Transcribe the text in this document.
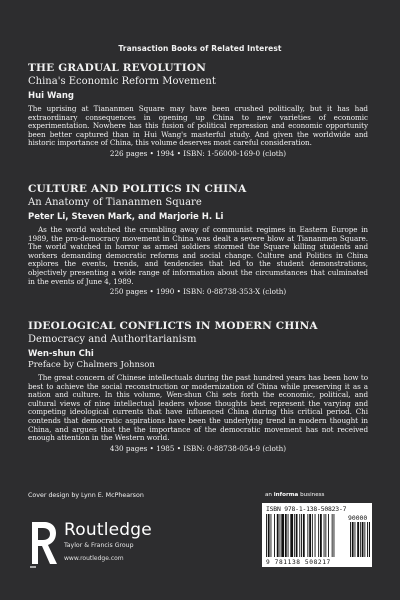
Transaction Books of Related Interest
THE GRADUAL REVOLUTION
China's Economic Reform Movement
Hui Wang
The uprising at Tiananmen Square may have been crushed politically, but it has had extraordinary consequences in opening up China to new varieties of economic experimentation. Nowhere has this fusion of political repression and economic opportunity been better captured than in Hui Wang's masterful study. And given the worldwide and historic importance of China, this volume deserves most careful consideration.
226 pages • 1994 • ISBN: 1-56000-169-0 (cloth)
CULTURE AND POLITICS IN CHINA
An Anatomy of Tiananmen Square
Peter Li, Steven Mark, and Marjorie H. Li
As the world watched the crumbling away of communist regimes in Eastern Europe in 1989, the pro-democracy movement in China was dealt a severe blow at Tiananmen Square. The world watched in horror as armed soldiers stormed the Square killing students and workers demanding democratic reforms and social change. Culture and Politics in China explores the events, trends, and tendencies that led to the student demonstrations, objectively presenting a wide range of information about the circumstances that culminated in the events of June 4, 1989.
250 pages • 1990 • ISBN: 0-88738-353-X (cloth)
IDEOLOGICAL CONFLICTS IN MODERN CHINA
Democracy and Authoritarianism
Wen-shun Chi
Preface by Chalmers Johnson
The great concern of Chinese intellectuals during the past hundred years has been how to best to achieve the social reconstruction or modernization of China while preserving it as a nation and culture. In this volume, Wen-shun Chi sets forth the economic, political, and cultural views of nine intellectual leaders whose thoughts best represent the varying and competing ideological currents that have influenced China during this critical period. Chi contends that democratic aspirations have been the underlying trend in modern thought in China, and argues that the the importance of the democratic movement has not received enough attention in the Western world.
430 pages • 1985 • ISBN: 0-88738-054-9 (cloth)
Cover design by Lynn E. McPhearson	an informa business
Routledge
Taylor & Francis Group
www.routledge.com
ISBN 978-1-138-50823-7
90000
9 781138 508217
